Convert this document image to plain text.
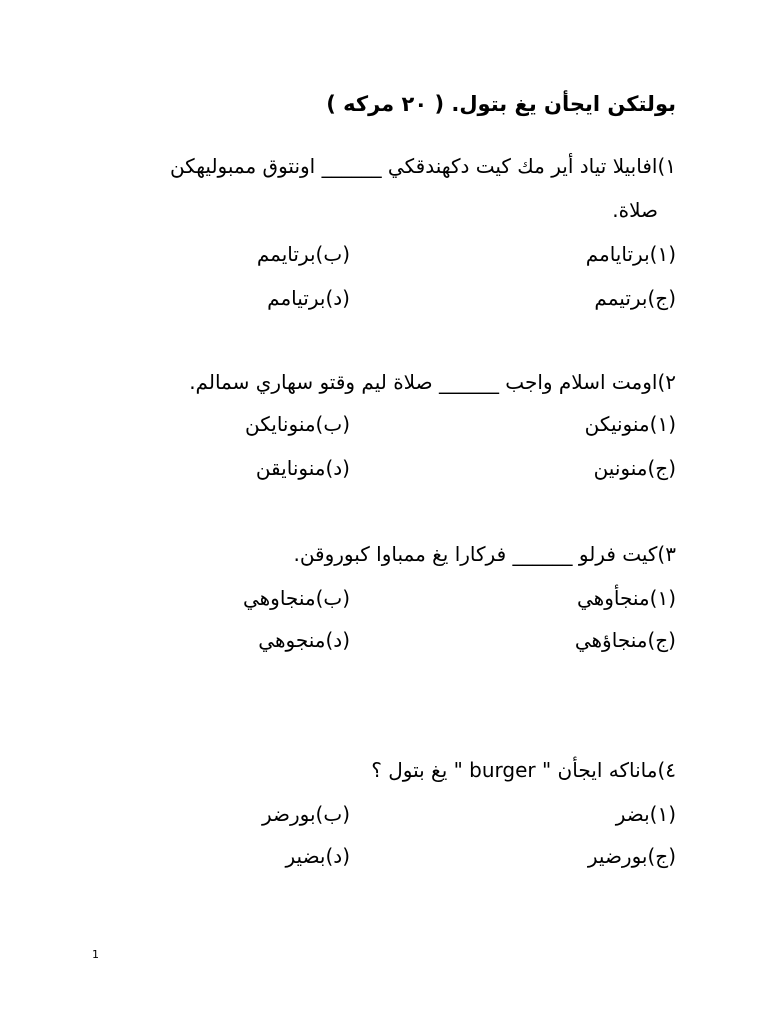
بولتكن ايجأن يغ بتول. ( ٢٠ مركه )
١)افابيلا تياد أير مك كيت دكهندقكي ______ اونتوق ممبوليهكن
صلاة.
(١)برتايامم
(ب)برتايمم
(ج)برتيمم
(د)برتيامم
٢)اومت اسلام واجب ______ صلاة ليم وقتو سهاري سمالم.
(١)منونيكن
(ب)منونايكن
(ج)منونين
(د)منونايقن
٣)كيت فرلو ______ فركارا يغ ممباوا كبوروقن.
(١)منجأوهي
(ب)منجاوهي
(ج)منجاؤهي
(د)منجوهي
٤)ماناكه ايجأن " burger " يغ بتول ؟
(١)بضر
(ب)بورضر
(ج)بورضير
(د)بضير
1
